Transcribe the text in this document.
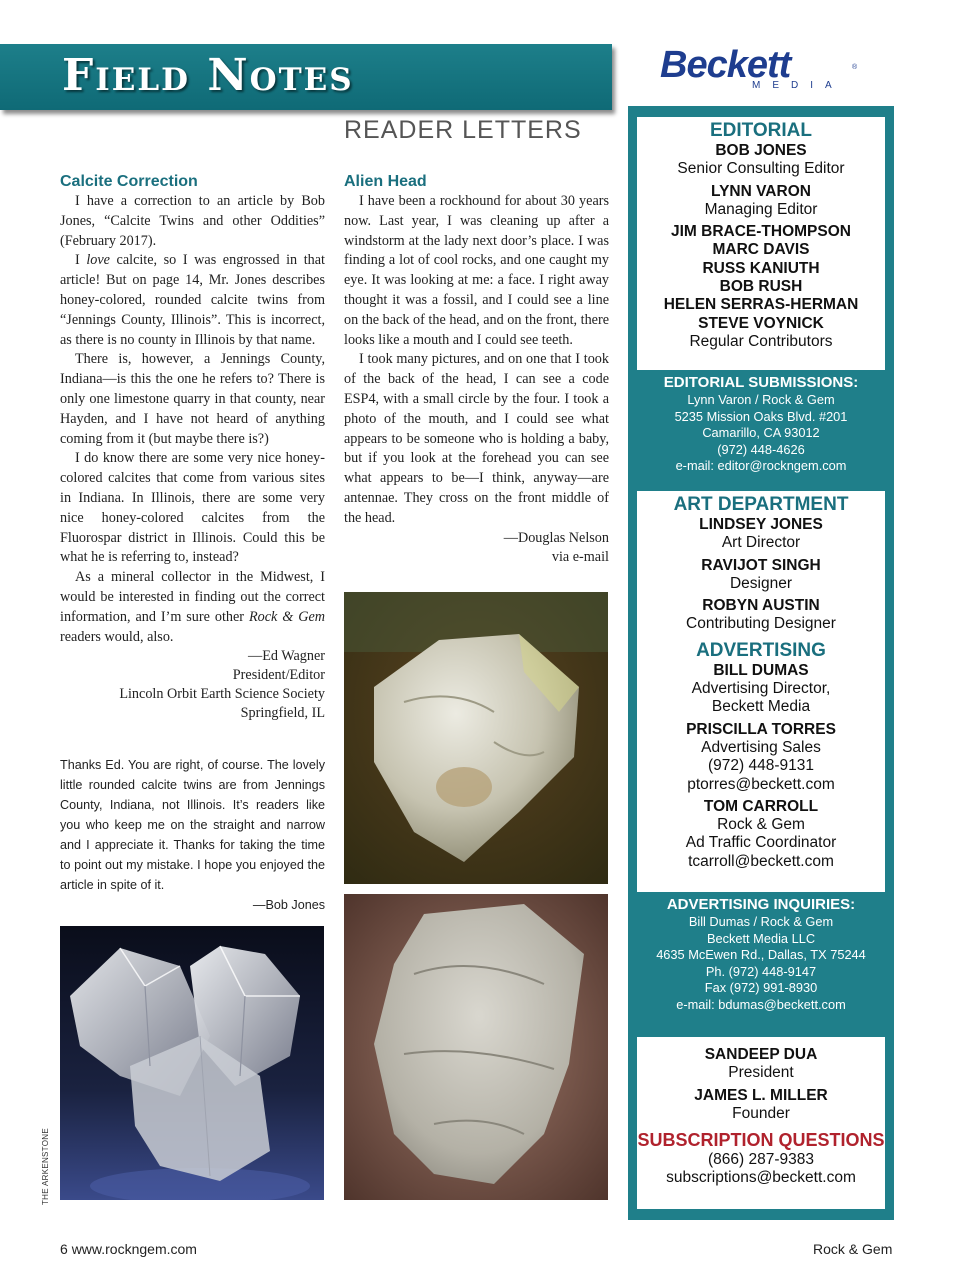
Field Notes	Beckett	®
MEDIA
READER LETTERS
Calcite Correction

I have a correction to an article by Bob Jones, “Calcite Twins and other Oddities” (February 2017).

I love calcite, so I was engrossed in that article! But on page 14, Mr. Jones describes honey-colored, rounded calcite twins from “Jennings County, Illinois”. This is incorrect, as there is no county in Illinois by that name.

There is, however, a Jennings County, Indiana—is this the one he refers to? There is only one limestone quarry in that county, near Hayden, and I have not heard of anything coming from it (but maybe there is?)

I do know there are some very nice honey-colored calcites that come from various sites in Indiana. In Illinois, there are some very nice honey-colored calcites from the Fluorospar district in Illinois. Could this be what he is referring to, instead?

As a mineral collector in the Midwest, I would be interested in finding out the correct information, and I’m sure other Rock & Gem readers would, also.

—Ed Wagner
President/Editor
Lincoln Orbit Earth Science Society
Springfield, IL
Thanks Ed. You are right, of course. The lovely little rounded calcite twins are from Jennings County, Indiana, not Illinois. It’s readers like you who keep me on the straight and narrow and I appreciate it. Thanks for taking the time to point out my mistake. I hope you enjoyed the article in spite of it.
—Bob Jones
THE ARKENSTONE
Alien Head

I have been a rockhound for about 30 years now. Last year, I was cleaning up after a windstorm at the lady next door’s place. I was finding a lot of cool rocks, and one caught my eye. It was looking at me: a face. I right away thought it was a fossil, and I could see a line on the back of the head, and on the front, there looks like a mouth and I could see teeth.

I took many pictures, and on one that I took of the back of the head, I can see a code ESP4, with a small circle by the four. I took a photo of the mouth, and I could see what appears to be someone who is holding a baby, but if you look at the forehead you can see what appears to be—I think, anyway—are antennae. They cross on the front middle of the head.

—Douglas Nelson
via e-mail
EDITORIAL
BOB JONES
Senior Consulting Editor
LYNN VARON
Managing Editor
JIM BRACE-THOMPSON
MARC DAVIS
RUSS KANIUTH
BOB RUSH
HELEN SERRAS-HERMAN
STEVE VOYNICK
Regular Contributors
EDITORIAL SUBMISSIONS:
Lynn Varon / Rock & Gem
5235 Mission Oaks Blvd. #201
Camarillo, CA 93012
(972) 448-4626
e-mail: editor@rockngem.com
ART DEPARTMENT
LINDSEY JONES
Art Director
RAVIJOT SINGH
Designer
ROBYN AUSTIN
Contributing Designer
ADVERTISING
BILL DUMAS
Advertising Director,
Beckett Media
PRISCILLA TORRES
Advertising Sales
(972) 448-9131
ptorres@beckett.com
TOM CARROLL
Rock & Gem
Ad Traffic Coordinator
tcarroll@beckett.com
ADVERTISING INQUIRIES:
Bill Dumas / Rock & Gem
Beckett Media LLC
4635 McEwen Rd., Dallas, TX 75244
Ph. (972) 448-9147
Fax (972) 991-8930
e-mail: bdumas@beckett.com
SANDEEP DUA
President
JAMES L. MILLER
Founder
SUBSCRIPTION QUESTIONS
(866) 287-9383
subscriptions@beckett.com
6 www.rockngem.com	Rock & Gem
